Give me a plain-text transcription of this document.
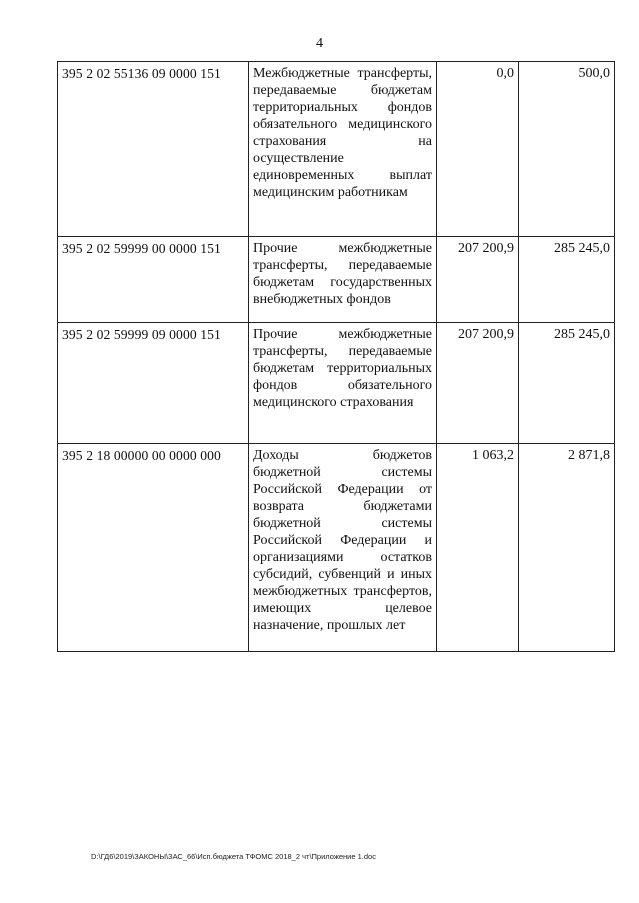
4
395 2 02 55136 09 0000 151	Межбюджетные трансферты, передаваемые бюджетам территориальных фондов обязательного медицинского страхования на осуществление единовременных выплат медицинским работникам	0,0	500,0
395 2 02 59999 00 0000 151	Прочие межбюджетные трансферты, передаваемые бюджетам государственных внебюджетных фондов	207 200,9	285 245,0
395 2 02 59999 09 0000 151	Прочие межбюджетные трансферты, передаваемые бюджетам территориальных фондов обязательного медицинского страхования	207 200,9	285 245,0
395 2 18 00000 00 0000 000	Доходы бюджетов бюджетной системы Российской Федерации от возврата бюджетами бюджетной системы Российской Федерации и организациями остатков субсидий, субвенций и иных межбюджетных трансфертов, имеющих целевое назначение, прошлых лет	1 063,2	2 871,8
D:\ГД6\2019\ЗАКОНЫ\ЗАС_66\Исп.бюджета ТФОМС 2018_2 чт\Приложение 1.doc
